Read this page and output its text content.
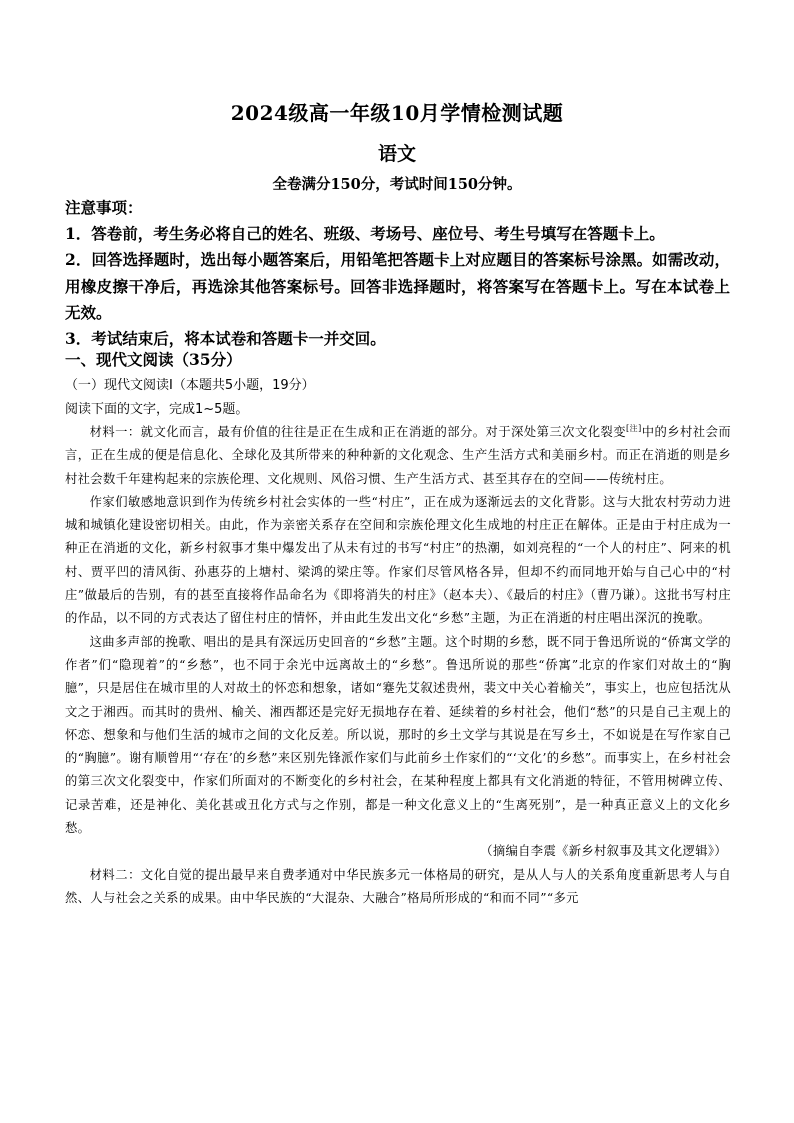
2024级高一年级10月学情检测试题
语文
全卷满分150分，考试时间150分钟。

注意事项：

1．答卷前，考生务必将自己的姓名、班级、考场号、座位号、考生号填写在答题卡上。

2．回答选择题时，选出每小题答案后，用铅笔把答题卡上对应题目的答案标号涂黑。如需改动，用橡皮擦干净后，再选涂其他答案标号。回答非选择题时，将答案写在答题卡上。写在本试卷上无效。

3．考试结束后，将本试卷和答题卡一并交回。

一、现代文阅读（35分）
（一）现代文阅读Ⅰ（本题共5小题，19分）
阅读下面的文字，完成1~5题。

材料一：就文化而言，最有价值的往往是正在生成和正在消逝的部分。对于深处第三次文化裂变[注]中的乡村社会而言，正在生成的便是信息化、全球化及其所带来的种种新的文化观念、生产生活方式和美丽乡村。而正在消逝的则是乡村社会数千年建构起来的宗族伦理、文化规则、风俗习惯、生产生活方式、甚至其存在的空间——传统村庄。

作家们敏感地意识到作为传统乡村社会实体的一些“村庄”，正在成为逐渐远去的文化背影。这与大批农村劳动力进城和城镇化建设密切相关。由此，作为亲密关系存在空间和宗族伦理文化生成地的村庄正在解体。正是由于村庄成为一种正在消逝的文化，新乡村叙事才集中爆发出了从未有过的书写“村庄”的热潮，如刘亮程的“一个人的村庄”、阿来的机村、贾平凹的清风街、孙惠芬的上塘村、梁鸿的梁庄等。作家们尽管风格各异，但却不约而同地开始与自己心中的“村庄”做最后的告别，有的甚至直接将作品命名为《即将消失的村庄》（赵本夫）、《最后的村庄》（曹乃谦）。这批书写村庄的作品，以不同的方式表达了留住村庄的情怀，并由此生发出文化“乡愁”主题，为正在消逝的村庄唱出深沉的挽歌。

这曲多声部的挽歌、唱出的是具有深远历史回音的“乡愁”主题。这个时期的乡愁，既不同于鲁迅所说的“侨寓文学的作者”们“隐现着”的“乡愁”，也不同于余光中远离故土的“乡愁”。鲁迅所说的那些“侨寓”北京的作家们对故土的“胸臆”，只是居住在城市里的人对故土的怀恋和想象，诸如“蹇先艾叙述贵州，裴文中关心着榆关”，事实上，也应包括沈从文之于湘西。而其时的贵州、榆关、湘西都还是完好无损地存在着、延续着的乡村社会，他们“愁”的只是自己主观上的怀恋、想象和与他们生活的城市之间的文化反差。所以说，那时的乡土文学与其说是在写乡土，不如说是在写作家自己的“胸臆”。谢有顺曾用“‘存在’的乡愁”来区别先锋派作家们与此前乡土作家们的“‘文化’的乡愁”。而事实上，在乡村社会的第三次文化裂变中，作家们所面对的不断变化的乡村社会，在某种程度上都具有文化消逝的特征，不管用树碑立传、记录苦难，还是神化、美化甚或丑化方式与之作别，都是一种文化意义上的“生离死别”，是一种真正意义上的文化乡愁。

（摘编自李震《新乡村叙事及其文化逻辑》）

材料二：文化自觉的提出最早来自费孝通对中华民族多元一体格局的研究，是从人与人的关系角度重新思考人与自然、人与社会之关系的成果。由中华民族的“大混杂、大融合”格局所形成的“和而不同”“多元
